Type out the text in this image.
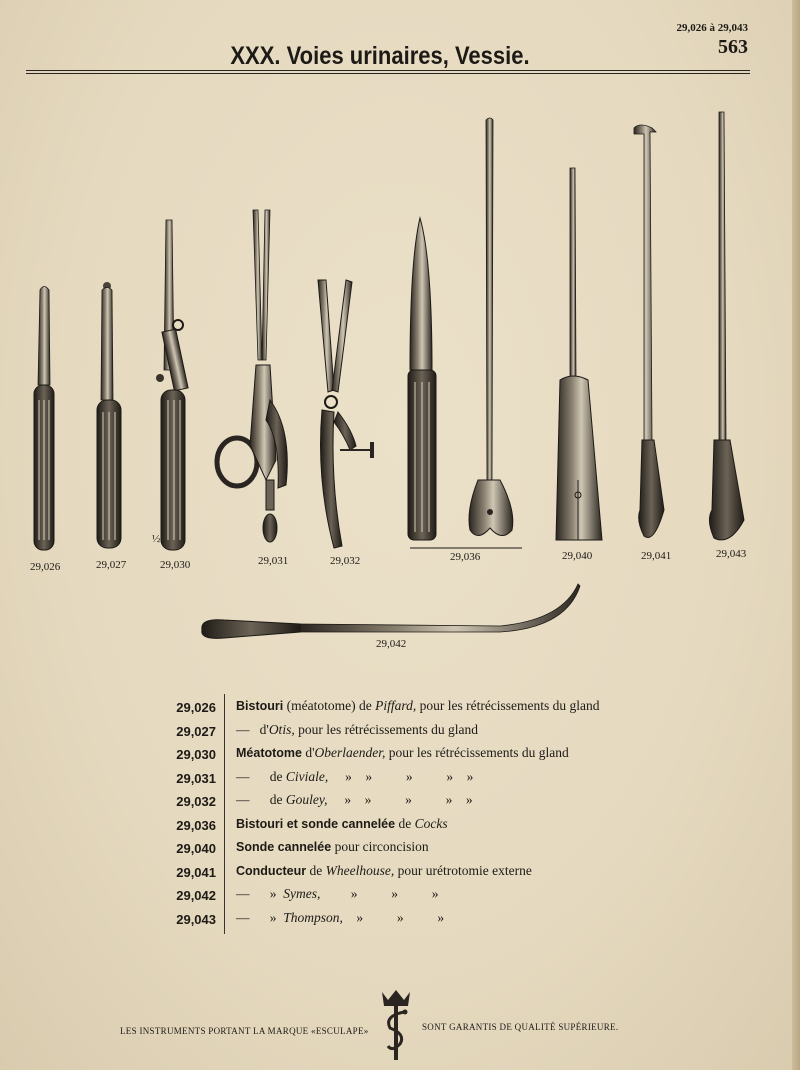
29,026 à 29,043
563
XXX. Voies urinaires, Vessie.
29,026	29,027
½
29,030	29,031	29,032	29,036	29,040	29,041	29,043
29,042
29,026 Bistouri (méatotome) de Piffard, pour les rétrécissements du gland
29,027 —   d'Otis, pour les rétrécissements du gland
29,030 Méatotome d'Oberlaender, pour les rétrécissements du gland
29,031 —      de Civiale,     »    »          »          »    »
29,032 —      de Gouley,     »    »          »          »    »
29,036 Bistouri et sonde cannelée de Cocks
29,040 Sonde cannelée pour circoncision
29,041 Conducteur de Wheelhouse, pour urétrotomie externe
29,042 —      »  Symes,         »          »          »
29,043 —      »  Thompson,    »          »          »
LES INSTRUMENTS PORTANT LA MARQUE «ESCULAPE»	SONT GARANTIS DE QUALITÉ SUPÉRIEURE.
